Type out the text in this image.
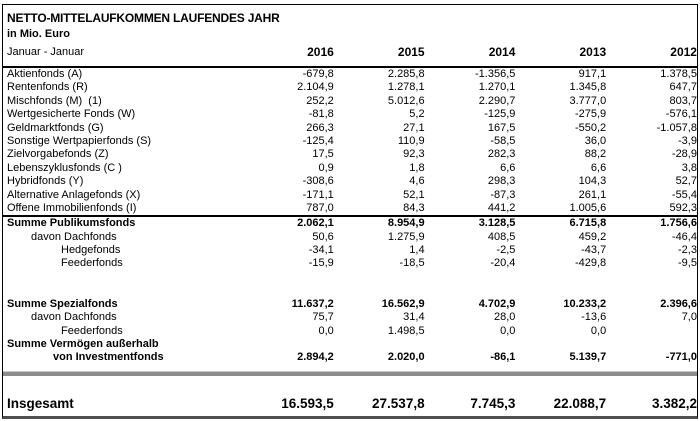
NETTO-MITTELAUFKOMMEN LAUFENDES JAHR
in Mio. Euro
Januar - Januar	2016	2015	2014	2013	2012
Aktienfonds (A)	-679,8	2.285,8	-1.356,5	917,1	1.378,5
Rentenfonds (R)	2.104,9	1.278,1	1.270,1	1.345,8	647,7
Mischfonds (M)  (1)	252,2	5.012,6	2.290,7	3.777,0	803,7
Wertgesicherte Fonds (W)	-81,8	5,2	-125,9	-275,9	-576,1
Geldmarktfonds (G)	266,3	27,1	167,5	-550,2	-1.057,8
Sonstige Wertpapierfonds (S)	-125,4	110,9	-58,5	36,0	-3,9
Zielvorgabefonds (Z)	17,5	92,3	282,3	88,2	-28,9
Lebenszyklusfonds (C )	0,9	1,8	6,6	6,6	3,8
Hybridfonds (Y)	-308,6	4,6	298,3	104,3	52,7
Alternative Anlagefonds (X)	-171,1	52,1	-87,3	261,1	-55,4
Offene Immobilienfonds (I)	787,0	84,3	441,2	1.005,6	592,3
Summe Publikumsfonds	2.062,1	8.954,9	3.128,5	6.715,8	1.756,6
davon Dachfonds	50,6	1.275,9	408,5	459,2	-46,4
Hedgefonds	-34,1	1,4	-2,5	-43,7	-2,3
Feederfonds	-15,9	-18,5	-20,4	-429,8	-9,5
Summe Spezialfonds	11.637,2	16.562,9	4.702,9	10.233,2	2.396,6
davon Dachfonds	75,7	31,4	28,0	-13,6	7,0
Feederfonds	0,0	1.498,5	0,0	0,0
Summe Vermögen außerhalb
von Investmentfonds	2.894,2	2.020,0	-86,1	5.139,7	-771,0
Insgesamt	16.593,5	27.537,8	7.745,3	22.088,7	3.382,2
